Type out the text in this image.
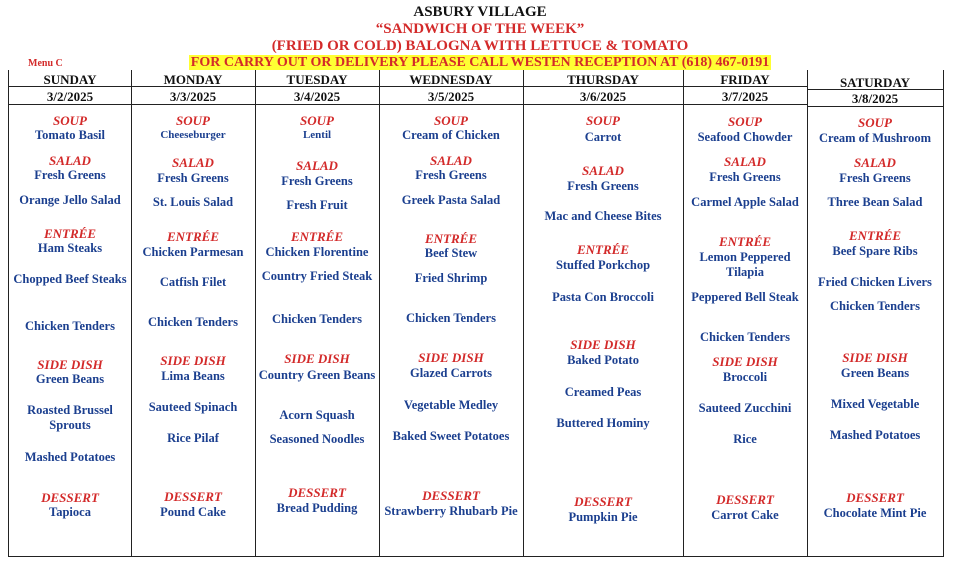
ASBURY VILLAGE
“SANDWICH OF THE WEEK”
(FRIED OR COLD) BALOGNA WITH LETTUCE & TOMATO
FOR CARRY OUT OR DELIVERY PLEASE CALL WESTEN RECEPTION AT (618) 467-0191
Menu C
SUNDAY
3/2/2025
SOUP
Tomato Basil
SALAD
Fresh Greens
Orange Jello Salad
ENTRÉE
Ham Steaks
Chopped Beef Steaks
Chicken Tenders
SIDE DISH
Green Beans
Roasted Brussel Sprouts
Mashed Potatoes
DESSERT
Tapioca
MONDAY
3/3/2025
SOUP
Cheeseburger
SALAD
Fresh Greens
St. Louis Salad
ENTRÉE
Chicken Parmesan
Catfish Filet
Chicken Tenders
SIDE DISH
Lima Beans
Sauteed Spinach
Rice Pilaf
DESSERT
Pound Cake
TUESDAY
3/4/2025
SOUP
Lentil
SALAD
Fresh Greens
Fresh Fruit
ENTRÉE
Chicken Florentine
Country Fried Steak
Chicken Tenders
SIDE DISH
Country Green Beans
Acorn Squash
Seasoned Noodles
DESSERT
Bread Pudding
WEDNESDAY
3/5/2025
SOUP
Cream of Chicken
SALAD
Fresh Greens
Greek Pasta Salad
ENTRÉE
Beef Stew
Fried Shrimp
Chicken Tenders
SIDE DISH
Glazed Carrots
Vegetable Medley
Baked Sweet Potatoes
DESSERT
Strawberry Rhubarb Pie
THURSDAY
3/6/2025
SOUP
Carrot
SALAD
Fresh Greens
Mac and Cheese Bites
ENTRÉE
Stuffed Porkchop
Pasta Con Broccoli
SIDE DISH
Baked Potato
Creamed Peas
Buttered Hominy
DESSERT
Pumpkin Pie
FRIDAY
3/7/2025
SOUP
Seafood Chowder
SALAD
Fresh Greens
Carmel Apple Salad
ENTRÉE
Lemon Peppered Tilapia
Peppered Bell Steak
Chicken Tenders
SIDE DISH
Broccoli
Sauteed Zucchini
Rice
DESSERT
Carrot Cake
SATURDAY
3/8/2025
SOUP
Cream of Mushroom
SALAD
Fresh Greens
Three Bean Salad
ENTRÉE
Beef Spare Ribs
Fried Chicken Livers
Chicken Tenders
SIDE DISH
Green Beans
Mixed Vegetable
Mashed Potatoes
DESSERT
Chocolate Mint Pie
